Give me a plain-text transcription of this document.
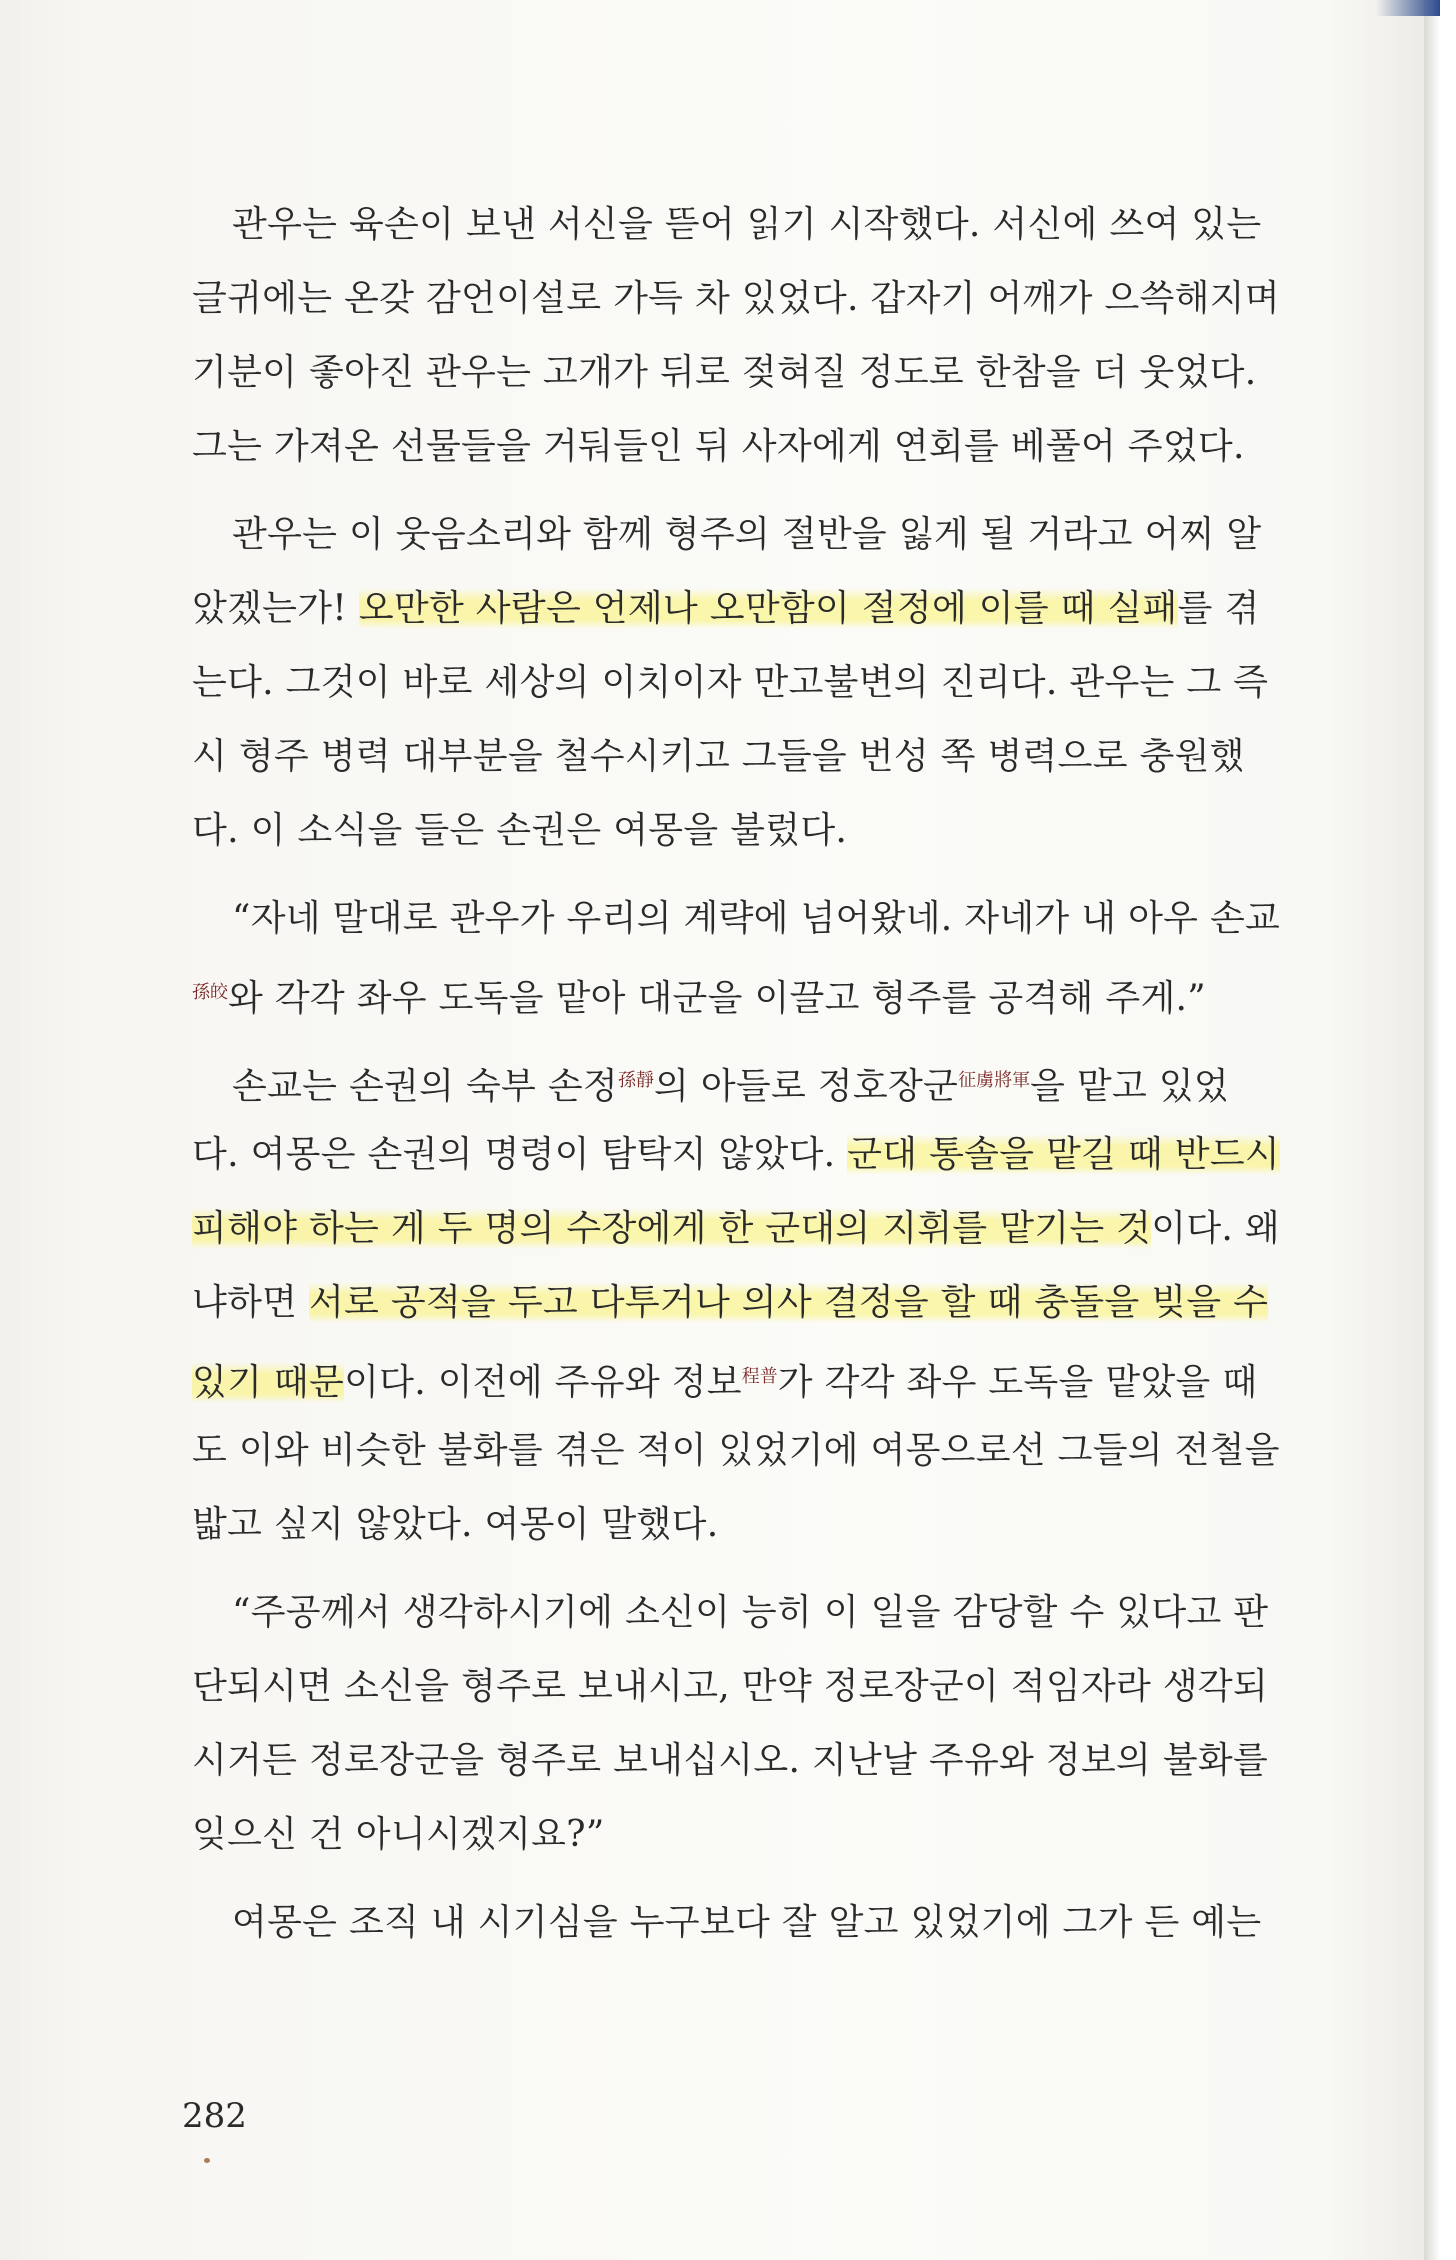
관우는 육손이 보낸 서신을 뜯어 읽기 시작했다. 서신에 쓰여 있는
글귀에는 온갖 감언이설로 가득 차 있었다. 갑자기 어깨가 으쓱해지며
기분이 좋아진 관우는 고개가 뒤로 젖혀질 정도로 한참을 더 웃었다.
그는 가져온 선물들을 거둬들인 뒤 사자에게 연회를 베풀어 주었다.
관우는 이 웃음소리와 함께 형주의 절반을 잃게 될 거라고 어찌 알
았겠는가! 오만한 사람은 언제나 오만함이 절정에 이를 때 실패를 겪
는다. 그것이 바로 세상의 이치이자 만고불변의 진리다. 관우는 그 즉
시 형주 병력 대부분을 철수시키고 그들을 번성 쪽 병력으로 충원했
다. 이 소식을 들은 손권은 여몽을 불렀다.
“자네 말대로 관우가 우리의 계략에 넘어왔네. 자네가 내 아우 손교
$^{孫皎}$와 각각 좌우 도독을 맡아 대군을 이끌고 형주를 공격해 주게.”
손교는 손권의 숙부 손정$^{孫靜}$의 아들로 정호장군$^{征虜將軍}$을 맡고 있었
다. 여몽은 손권의 명령이 탐탁지 않았다. 군대 통솔을 맡길 때 반드시
피해야 하는 게 두 명의 수장에게 한 군대의 지휘를 맡기는 것이다. 왜
냐하면 서로 공적을 두고 다투거나 의사 결정을 할 때 충돌을 빚을 수
있기 때문이다. 이전에 주유와 정보$^{程普}$가 각각 좌우 도독을 맡았을 때
도 이와 비슷한 불화를 겪은 적이 있었기에 여몽으로선 그들의 전철을
밟고 싶지 않았다. 여몽이 말했다.
“주공께서 생각하시기에 소신이 능히 이 일을 감당할 수 있다고 판
단되시면 소신을 형주로 보내시고, 만약 정로장군이 적임자라 생각되
시거든 정로장군을 형주로 보내십시오. 지난날 주유와 정보의 불화를
잊으신 건 아니시겠지요?”
여몽은 조직 내 시기심을 누구보다 잘 알고 있었기에 그가 든 예는
282
